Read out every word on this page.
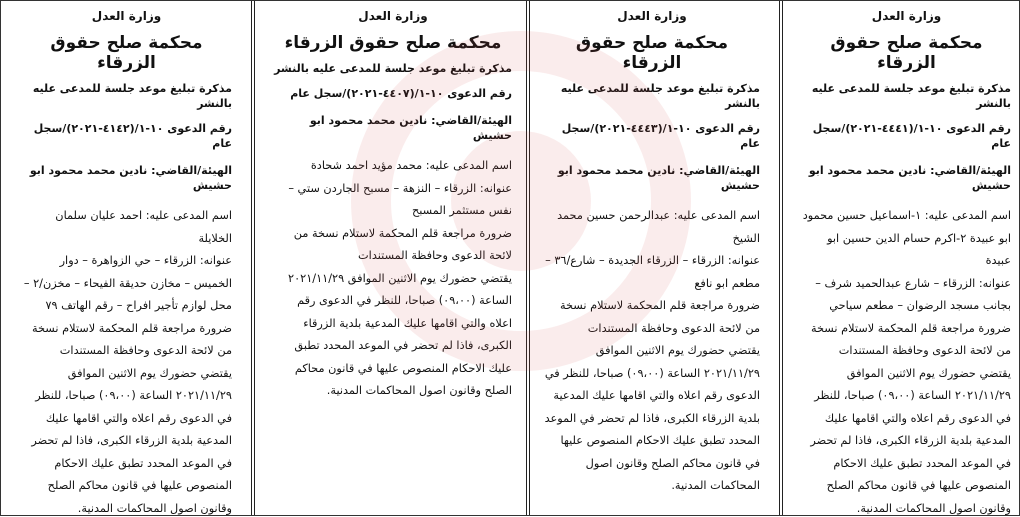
وزارة العدل
محكمة صلح حقوق الزرقاء
مذكرة تبليغ موعد جلسة للمدعى عليه بالنشر
رقم الدعوى ١٠-١/(٤٤٤١-٢٠٢١)/سجل عام
الهيئة/القاضي: نادين محمد محمود ابو حشيش

اسم المدعى عليه: ١-اسماعيل حسين محمود ابو عبيدة ٢-اكرم حسام الدين حسين ابو عبيدة

عنوانه: الزرقاء – شارع عبدالحميد شرف – بجانب مسجد الرضوان – مطعم سياحي

ضرورة مراجعة قلم المحكمة لاستلام نسخة من لائحة الدعوى وحافظة المستندات

يقتضي حضورك يوم الاثنين الموافق ٢٠٢١/١١/٢٩ الساعة (٠٩،٠٠) صباحا، للنظر في الدعوى رقم اعلاه والتي اقامها عليك المدعية بلدية الزرقاء الكبرى، فاذا لم تحضر في الموعد المحدد تطبق عليك الاحكام المنصوص عليها في قانون محاكم الصلح وقانون اصول المحاكمات المدنية.

وزارة العدل
محكمة صلح حقوق الزرقاء
مذكرة تبليغ موعد جلسة للمدعى عليه بالنشر
رقم الدعوى ١٠-١/(٤٤٤٣-٢٠٢١)/سجل عام
الهيئة/القاضي: نادين محمد محمود ابو حشيش

اسم المدعى عليه: عبدالرحمن حسين محمد الشيخ

عنوانه: الزرقاء – الزرقاء الجديدة – شارع/٣٦ – مطعم ابو نافع

ضرورة مراجعة قلم المحكمة لاستلام نسخة من لائحة الدعوى وحافظة المستندات

يقتضي حضورك يوم الاثنين الموافق ٢٠٢١/١١/٢٩ الساعة (٠٩،٠٠) صباحا، للنظر في الدعوى رقم اعلاه والتي اقامها عليك المدعية بلدية الزرقاء الكبرى، فاذا لم تحضر في الموعد المحدد تطبق عليك الاحكام المنصوص عليها في قانون محاكم الصلح وقانون اصول المحاكمات المدنية.

وزارة العدل
محكمة صلح حقوق الزرقاء
مذكرة تبليغ موعد جلسة للمدعى عليه بالنشر
رقم الدعوى ١٠-١/(٤٤٠٧-٢٠٢١)/سجل عام
الهيئة/القاضي: نادين محمد محمود ابو حشيش

اسم المدعى عليه: محمد مؤيد احمد شحادة

عنوانه: الزرقاء – النزهة – مسبح الجاردن ستي – نفس مستثمر المسبح

ضرورة مراجعة قلم المحكمة لاستلام نسخة من لائحة الدعوى وحافظة المستندات

يقتضي حضورك يوم الاثنين الموافق ٢٠٢١/١١/٢٩ الساعة (٠٩،٠٠) صباحا، للنظر في الدعوى رقم اعلاه والتي اقامها عليك المدعية بلدية الزرقاء الكبرى، فاذا لم تحضر في الموعد المحدد تطبق عليك الاحكام المنصوص عليها في قانون محاكم الصلح وقانون اصول المحاكمات المدنية.

وزارة العدل
محكمة صلح حقوق الزرقاء
مذكرة تبليغ موعد جلسة للمدعى عليه بالنشر
رقم الدعوى ١٠-١/(٤١٤٢-٢٠٢١)/سجل عام
الهيئة/القاضي: نادين محمد محمود ابو حشيش

اسم المدعى عليه: احمد عليان سلمان الخلايلة

عنوانه: الزرقاء – حي الزواهرة – دوار الخميس – مخازن حديقة الفيحاء – مخزن/٢ – محل لوازم تأجير افراح – رقم الهاتف ٧٩

ضرورة مراجعة قلم المحكمة لاستلام نسخة من لائحة الدعوى وحافظة المستندات

يقتضي حضورك يوم الاثنين الموافق ٢٠٢١/١١/٢٩ الساعة (٠٩،٠٠) صباحا، للنظر في الدعوى رقم اعلاه والتي اقامها عليك المدعية بلدية الزرقاء الكبرى، فاذا لم تحضر في الموعد المحدد تطبق عليك الاحكام المنصوص عليها في قانون محاكم الصلح وقانون اصول المحاكمات المدنية.
